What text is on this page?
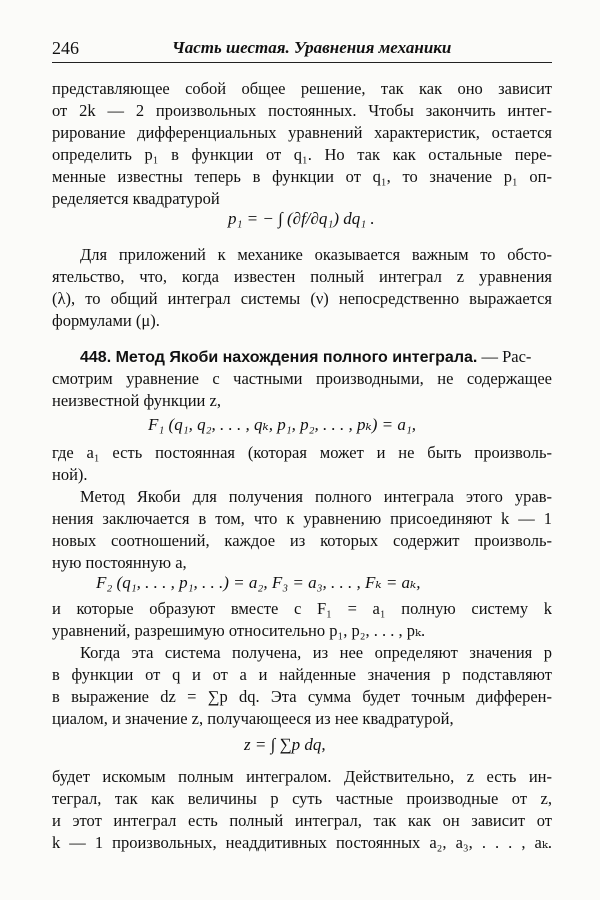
246	Часть шестая. Уравнения механики
представляющее собой общее решение, так как оно зависит
от 2k — 2 произвольных постоянных. Чтобы закончить интег-
рирование дифференциальных уравнений характеристик, остается
определить p₁ в функции от q₁. Но так как остальные пере-
менные известны теперь в функции от q₁, то значение p₁ оп-
ределяется квадратурой
p₁ = − ∫ (∂f/∂q₁) dq₁ .
Для приложений к механике оказывается важным то обсто-
ятельство, что, когда известен полный интеграл z уравнения
(λ), то общий интеграл системы (ν) непосредственно выражается
формулами (μ).
448. Метод Якоби нахождения полного интеграла. — Рас-
смотрим уравнение с частными производными, не содержащее
неизвестной функции z,
F₁ (q₁, q₂, . . . , qₖ, p₁, p₂, . . . , pₖ) = a₁,
где a₁ есть постоянная (которая может и не быть произволь-
ной).
Метод Якоби для получения полного интеграла этого урав-
нения заключается в том, что к уравнению присоединяют k — 1
новых соотношений, каждое из которых содержит произволь-
ную постоянную a,
F₂ (q₁, . . . , p₁, . . .) = a₂, F₃ = a₃, . . . , Fₖ = aₖ,
и которые образуют вместе с F₁ = a₁ полную систему k
уравнений, разрешимую относительно p₁, p₂, . . . , pₖ.
Когда эта система получена, из нее определяют значения p
в функции от q и от a и найденные значения p подставляют
в выражение dz = ∑p dq. Эта сумма будет точным дифферен-
циалом, и значение z, получающееся из нее квадратурой,
z = ∫ ∑p dq,
будет искомым полным интегралом. Действительно, z есть ин-
теграл, так как величины p суть частные производные от z,
и этот интеграл есть полный интеграл, так как он зависит от
k — 1 произвольных, неаддитивных постоянных a₂, a₃, . . . , aₖ.
